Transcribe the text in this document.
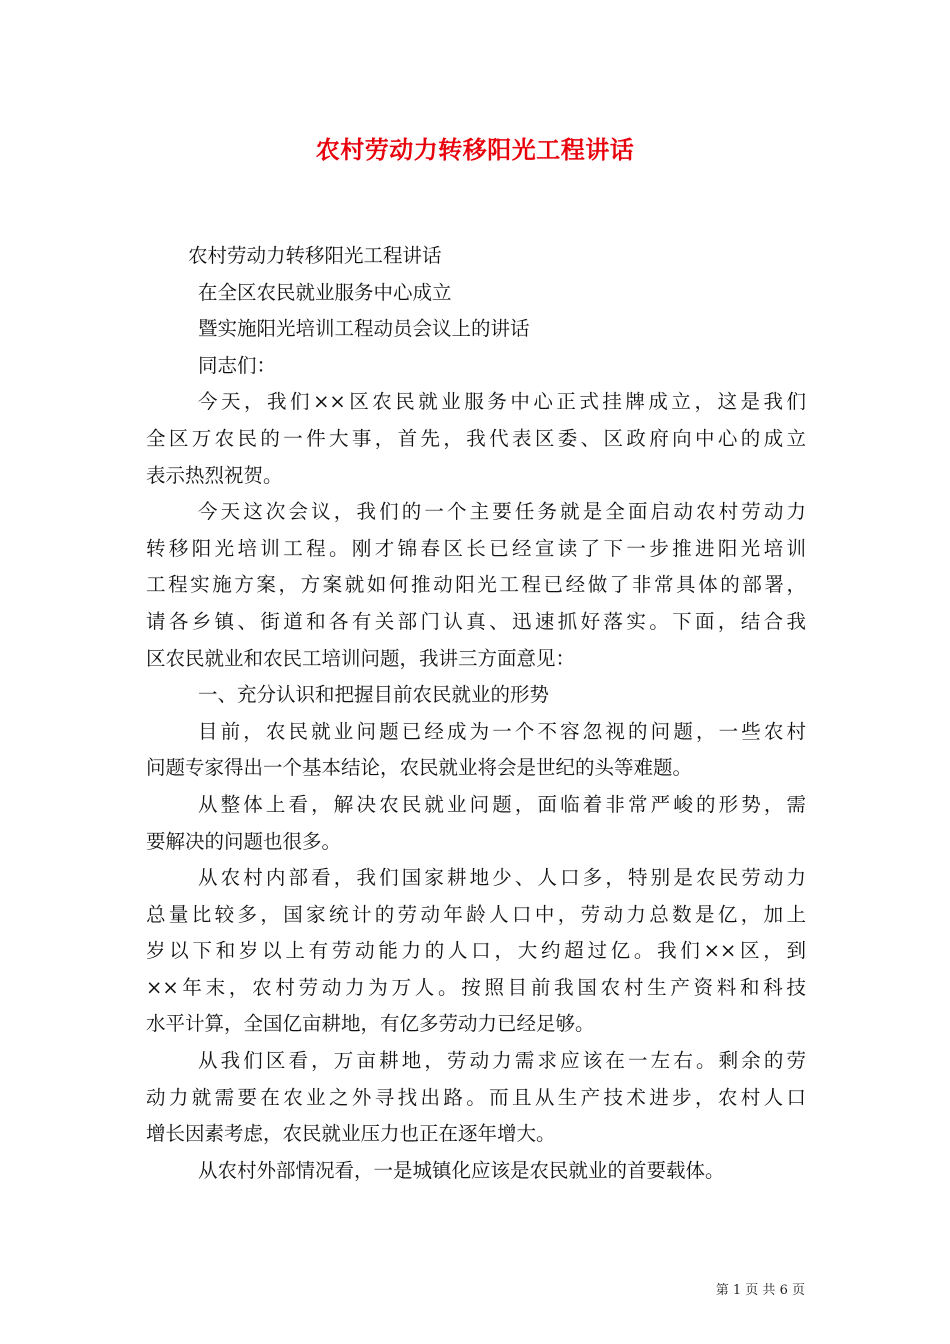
农村劳动力转移阳光工程讲话
农村劳动力转移阳光工程讲话
在全区农民就业服务中心成立
暨实施阳光培训工程动员会议上的讲话
同志们：
今天，我们××区农民就业服务中心正式挂牌成立，这是我们
全区万农民的一件大事，首先，我代表区委、区政府向中心的成立
表示热烈祝贺。
今天这次会议，我们的一个主要任务就是全面启动农村劳动力
转移阳光培训工程。刚才锦春区长已经宣读了下一步推进阳光培训
工程实施方案，方案就如何推动阳光工程已经做了非常具体的部署，
请各乡镇、街道和各有关部门认真、迅速抓好落实。下面，结合我
区农民就业和农民工培训问题，我讲三方面意见：
一、充分认识和把握目前农民就业的形势
目前，农民就业问题已经成为一个不容忽视的问题，一些农村
问题专家得出一个基本结论，农民就业将会是世纪的头等难题。
从整体上看，解决农民就业问题，面临着非常严峻的形势，需
要解决的问题也很多。
从农村内部看，我们国家耕地少、人口多，特别是农民劳动力
总量比较多，国家统计的劳动年龄人口中，劳动力总数是亿，加上
岁以下和岁以上有劳动能力的人口，大约超过亿。我们××区，到
××年末，农村劳动力为万人。按照目前我国农村生产资料和科技
水平计算，全国亿亩耕地，有亿多劳动力已经足够。
从我们区看，万亩耕地，劳动力需求应该在一左右。剩余的劳
动力就需要在农业之外寻找出路。而且从生产技术进步，农村人口
增长因素考虑，农民就业压力也正在逐年增大。
从农村外部情况看，一是城镇化应该是农民就业的首要载体。
第 1 页 共 6 页
